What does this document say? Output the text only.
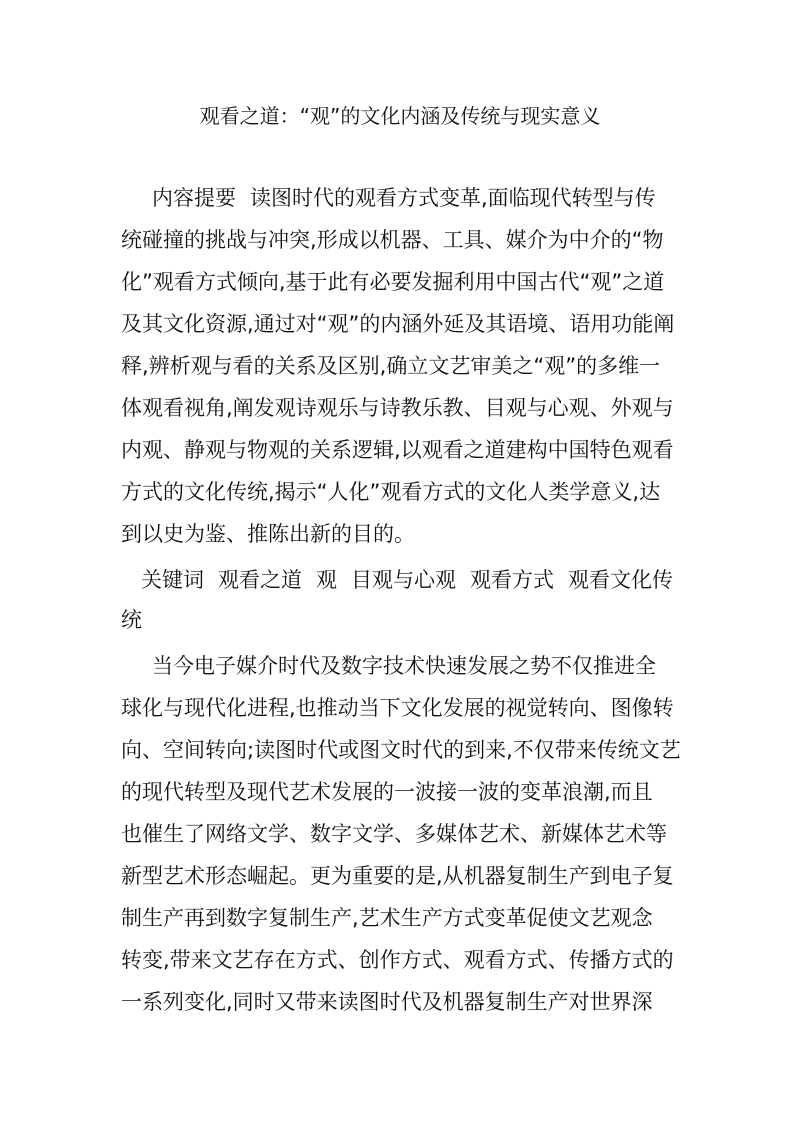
观看之道：“观”的文化内涵及传统与现实意义
内容提要 读图时代的观看方式变革,面临现代转型与传
统碰撞的挑战与冲突,形成以机器、工具、媒介为中介的“物
化”观看方式倾向,基于此有必要发掘利用中国古代“观”之道
及其文化资源,通过对“观”的内涵外延及其语境、语用功能阐
释,辨析观与看的关系及区别,确立文艺审美之“观”的多维一
体观看视角,阐发观诗观乐与诗教乐教、目观与心观、外观与
内观、静观与物观的关系逻辑,以观看之道建构中国特色观看
方式的文化传统,揭示“人化”观看方式的文化人类学意义,达
到以史为鉴、推陈出新的目的。
关键词 观看之道 观 目观与心观 观看方式 观看文化传
统
当今电子媒介时代及数字技术快速发展之势不仅推进全
球化与现代化进程,也推动当下文化发展的视觉转向、图像转
向、空间转向;读图时代或图文时代的到来,不仅带来传统文艺
的现代转型及现代艺术发展的一波接一波的变革浪潮,而且
也催生了网络文学、数字文学、多媒体艺术、新媒体艺术等
新型艺术形态崛起。更为重要的是,从机器复制生产到电子复
制生产再到数字复制生产,艺术生产方式变革促使文艺观念
转变,带来文艺存在方式、创作方式、观看方式、传播方式的
一系列变化,同时又带来读图时代及机器复制生产对世界深
